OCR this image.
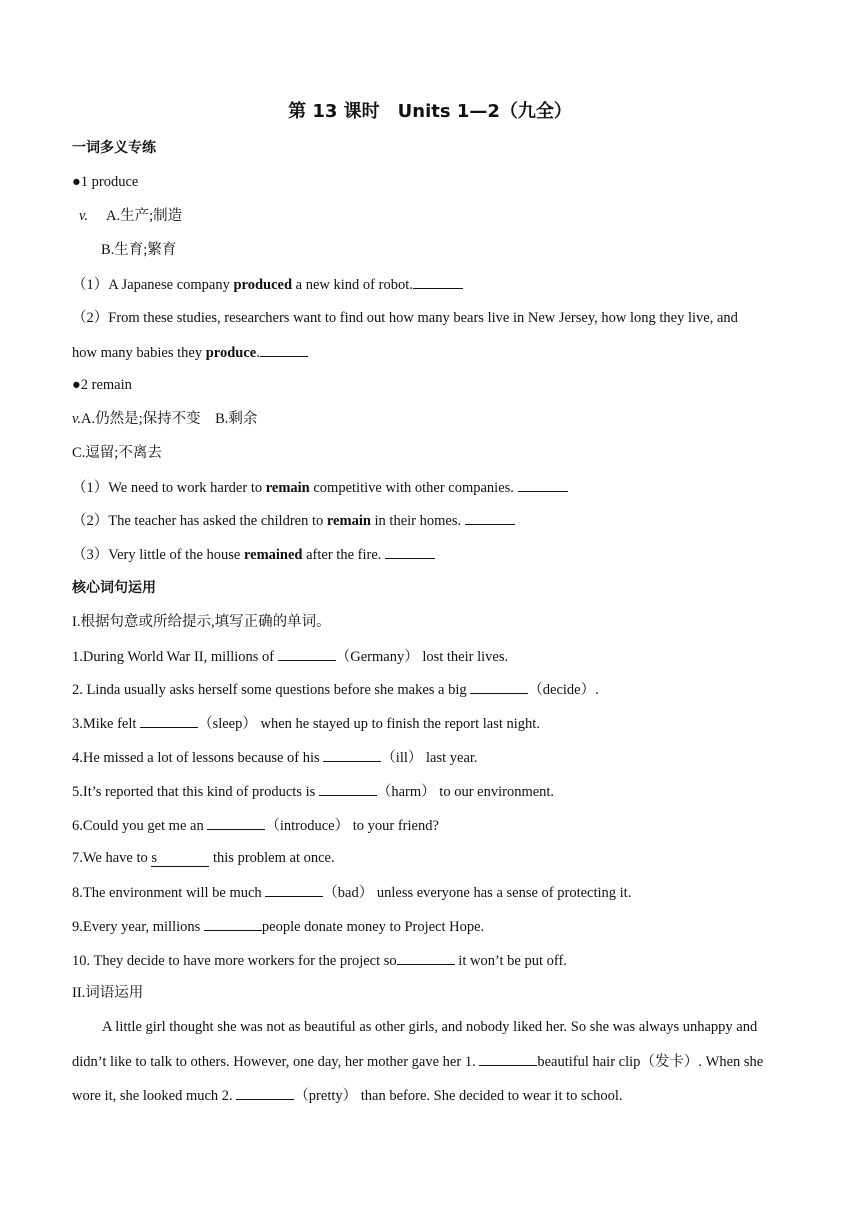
第 13 课时　Units 1—2（九全）
一词多义专练
●1 produce
v. A.生产;制造
B.生育;繁育
（1）A Japanese company produced a new kind of robot.
（2）From these studies, researchers want to find out how many bears live in New Jersey, how long they live, and
how many babies they produce.
●2 remain
v.A.仍然是;保持不变　B.剩余
C.逗留;不离去
（1）We need to work harder to remain competitive with other companies.
（2）The teacher has asked the children to remain in their homes.
（3）Very little of the house remained after the fire.
核心词句运用
I.根据句意或所给提示,填写正确的单词。
1.During World War II, millions of	（Germany） lost their lives.
2. Linda usually asks herself some questions before she makes a big	（decide）.
3.Mike felt	（sleep） when he stayed up to finish the report last night.
4.He missed a lot of lessons because of his	（ill） last year.
5.It’s reported that this kind of products is	（harm） to our environment.
6.Could you get me an	（introduce） to your friend?
7.We have to s	this problem at once.
8.The environment will be much	（bad） unless everyone has a sense of protecting it.
9.Every year, millions	people donate money to Project Hope.
10. They decide to have more workers for the project so	it won’t be put off.
II.词语运用
A little girl thought she was not as beautiful as other girls, and nobody liked her. So she was always unhappy and
didn’t like to talk to others. However, one day, her mother gave her 1.	beautiful hair clip（发卡）. When she
wore it, she looked much 2.	（pretty） than before. She decided to wear it to school.
